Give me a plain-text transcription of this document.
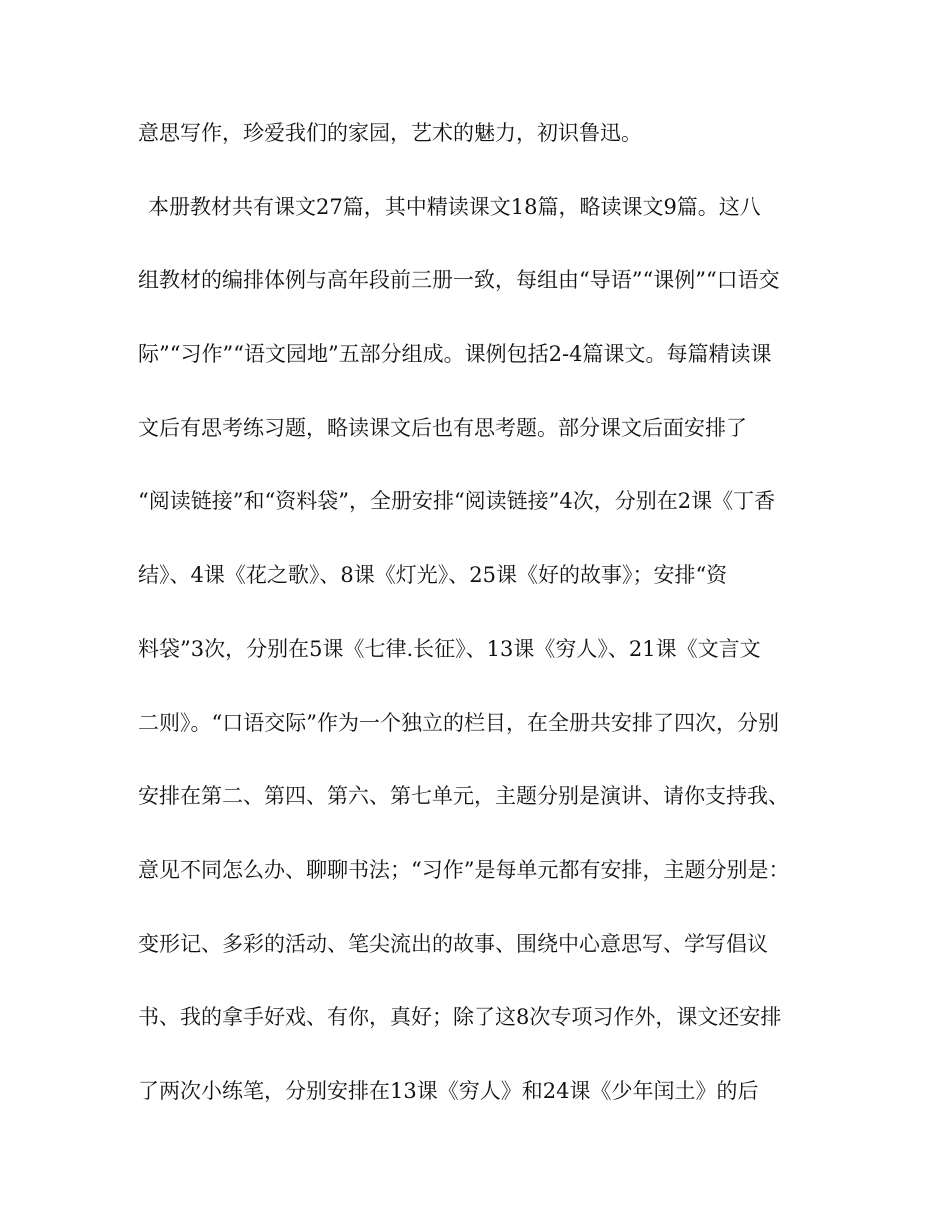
意思写作，珍爱我们的家园，艺术的魅力，初识鲁迅。
本册教材共有课文27篇，其中精读课文18篇，略读课文9篇。这八
组教材的编排体例与高年段前三册一致，每组由“导语”“课例”“口语交
际”“习作”“语文园地”五部分组成。课例包括2-4篇课文。每篇精读课
文后有思考练习题，略读课文后也有思考题。部分课文后面安排了
“阅读链接”和“资料袋”，全册安排“阅读链接”4次，分别在2课《丁香
结》、4课《花之歌》、8课《灯光》、25课《好的故事》；安排“资
料袋”3次，分别在5课《七律.长征》、13课《穷人》、21课《文言文
二则》。“口语交际”作为一个独立的栏目，在全册共安排了四次，分别
安排在第二、第四、第六、第七单元，主题分别是演讲、请你支持我、
意见不同怎么办、聊聊书法；“习作”是每单元都有安排，主题分别是：
变形记、多彩的活动、笔尖流出的故事、围绕中心意思写、学写倡议
书、我的拿手好戏、有你，真好；除了这8次专项习作外，课文还安排
了两次小练笔，分别安排在13课《穷人》和24课《少年闰土》的后
